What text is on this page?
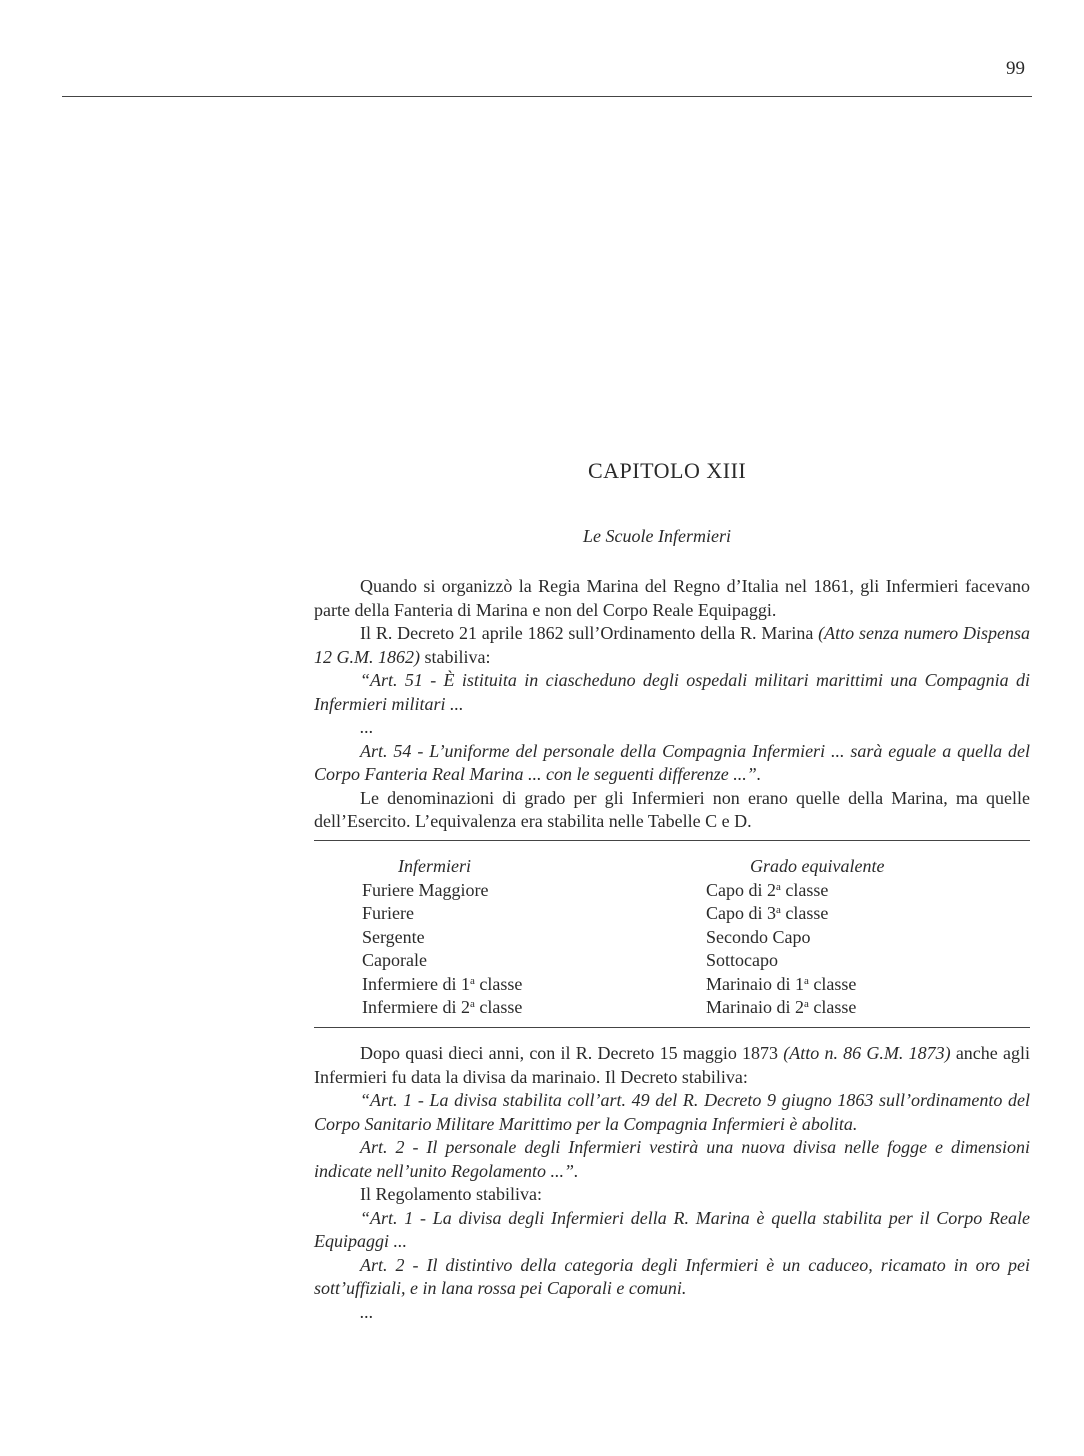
99
CAPITOLO XIII
Le Scuole Infermieri

Quando si organizzò la Regia Marina del Regno d’Italia nel 1861, gli Infermieri facevano parte della Fanteria di Marina e non del Corpo Reale Equipaggi.

Il R. Decreto 21 aprile 1862 sull’Ordinamento della R. Marina (Atto senza numero Dispensa 12 G.M. 1862) stabiliva:

“Art. 51 - È istituita in ciascheduno degli ospedali militari marittimi una Compagnia di Infermieri militari ...

...

Art. 54 - L’uniforme del personale della Compagnia Infermieri ... sarà eguale a quella del Corpo Fanteria Real Marina ... con le seguenti differenze ...”.

Le denominazioni di grado per gli Infermieri non erano quelle della Marina, ma quelle dell’Esercito. L’equivalenza era stabilita nelle Tabelle C e D.

Infermieri	Grado equivalente
Furiere Maggiore	Capo di 2$^a$ classe
Furiere	Capo di 3$^a$ classe
Sergente	Secondo Capo
Caporale	Sottocapo
Infermiere di 1$^a$ classe	Marinaio di 1$^a$ classe
Infermiere di 2$^a$ classe	Marinaio di 2$^a$ classe

Dopo quasi dieci anni, con il R. Decreto 15 maggio 1873 (Atto n. 86 G.M. 1873) anche agli Infermieri fu data la divisa da marinaio. Il Decreto stabiliva:

“Art. 1 - La divisa stabilita coll’art. 49 del R. Decreto 9 giugno 1863 sull’ordinamento del Corpo Sanitario Militare Marittimo per la Compagnia Infermieri è abolita.

Art. 2 - Il personale degli Infermieri vestirà una nuova divisa nelle fogge e dimensioni indicate nell’unito Regolamento ...”.

Il Regolamento stabiliva:

“Art. 1 - La divisa degli Infermieri della R. Marina è quella stabilita per il Corpo Reale Equipaggi ...

Art. 2 - Il distintivo della categoria degli Infermieri è un caduceo, ricamato in oro pei sott’uffiziali, e in lana rossa pei Caporali e comuni.

...
